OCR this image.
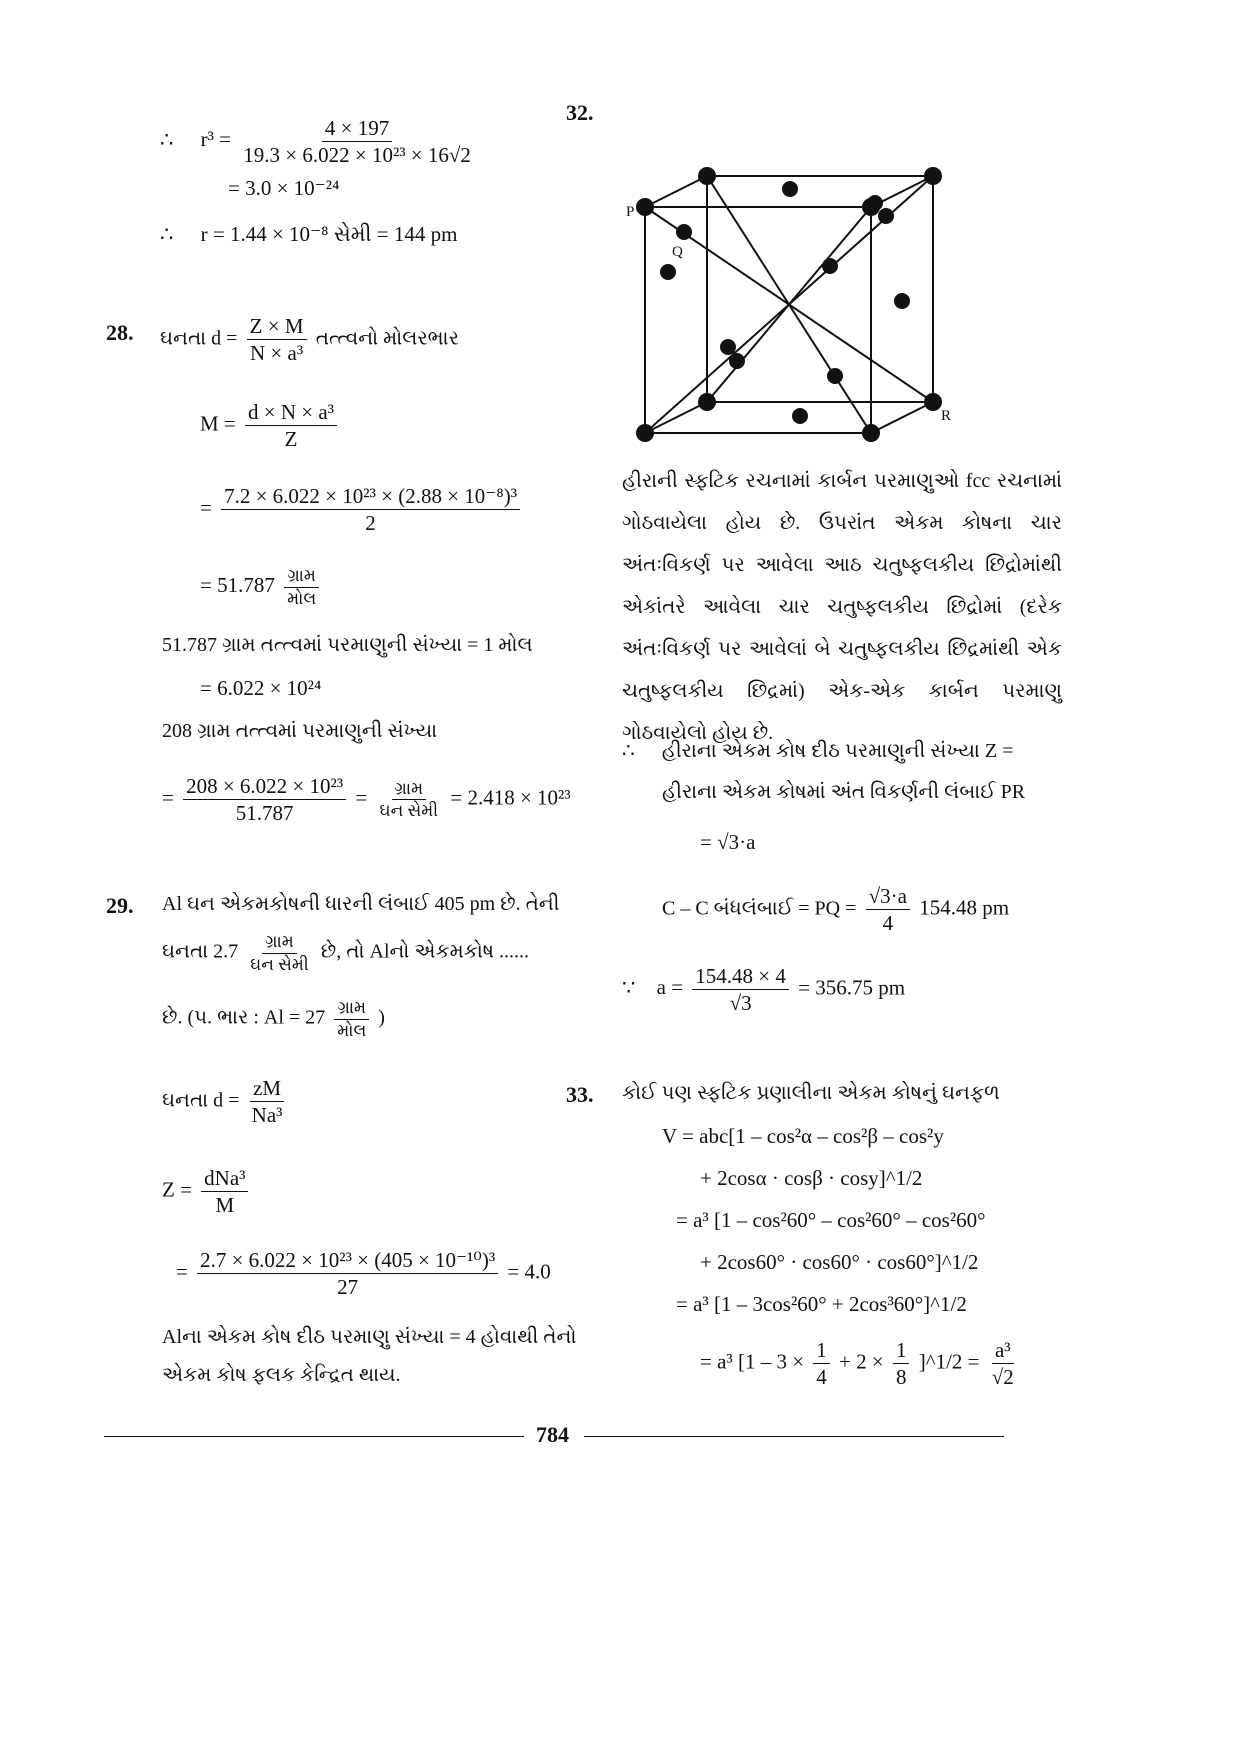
∴ $r^3 = \frac{4 \times 197}{\text{19.3 × 6.022 × 10²³ × 16√2}}$
= 3.0 × 10⁻²⁴
∴ r = 1.44 × 10⁻⁸ સેમી = 144 pm
28. ઘનતા $d = \frac{Z \times M}{\text{N × a³}}$ તત્ત્વનો મોલરભાર
$M = \frac{\text{d × N × a³}}{Z}$
= $\frac{\text{7.2 × 6.022 × 10²³ × (2.88 × 10⁻⁸)³}}{2}$
= $51.787 \frac{\text{ગ્રામ}}{\text{મોલ}}$
51.787 ગ્રામ તત્ત્વમાં પરમાણુની સંખ્યા = 1 મોલ
= 6.022 × 10²⁴
208 ગ્રામ તત્ત્વમાં પરમાણુની સંખ્યા
= $\frac{\text{208 × 6.022 × 10²³}}{51.787} = \frac{\text{ગ્રામ}}{\text{ઘન સેમી}} = 2.418 \times 10^{23}$
29. Al ઘન એકમકોષની ધારની લંબાઈ 405 pm છે. તેની
ઘનતા $2.7 \frac{\text{ગ્રામ}}{\text{ઘન સેમી}}$ છે, તો Alનો એકમકોષ ......
છે. (પ. ભાર : $Al = 27 \frac{\text{ગ્રામ}}{\text{મોલ}}$ )
ઘનતા $d = \frac{zM}{\text{Na³}}$
$Z = \frac{\text{dNa³}}{M}$
= $\frac{\text{2.7 × 6.022 × 10²³ × (405 × 10⁻¹⁰)³}}{27} = 4.0$
Alના એકમ કોષ દીઠ પરમાણુ સંખ્યા = 4 હોવાથી તેનો
એકમ કોષ ફલક કેન્દ્રિત થાય.
32.
P
Q
R
હીરાની સ્ફટિક રચનામાં કાર્બન પરમાણુઓ fcc રચનામાં ગોઠવાયેલા હોય છે. ઉપરાંત એકમ કોષના ચાર અંતઃવિકર્ણ પર આવેલા આઠ ચતુષ્ફલકીય છિદ્રોમાંથી એકાંતરે આવેલા ચાર ચતુષ્ફલકીય છિદ્રોમાં (દરેક અંતઃવિકર્ણ પર આવેલાં બે ચતુષ્ફલકીય છિદ્રમાંથી એક ચતુષ્ફલકીય છિદ્રમાં) એક-એક કાર્બન પરમાણુ ગોઠવાયેલો હોય છે.
∴ હીરાના એકમ કોષ દીઠ પરમાણુની સંખ્યા Z =
હીરાના એકમ કોષમાં અંત વિકર્ણની લંબાઈ PR
= √3·a
C – C બંધલંબાઈ = PQ = $\frac{√3\cdot a}{4} 154.48$ pm
∵ $a = \frac{154.48 \times 4}{√3} = 356.75$ pm
33. કોઈ પણ સ્ફટિક પ્રણાલીના એકમ કોષનું ઘનફળ
V = abc[1 – cos²α – cos²β – cos²y
+ 2cosα · cosβ · cosy]^1/2
= a³ [1 – cos²60° – cos²60° – cos²60°
+ 2cos60° · cos60° · cos60°]^1/2
= a³ [1 – 3cos²60° + 2cos³60°]^1/2
= a³ [$1 - 3 \times \frac{1}{4} + 2 \times \frac{1}{8}$ ]^1/2 = $\frac{\text{a³}}{√2}$
784
